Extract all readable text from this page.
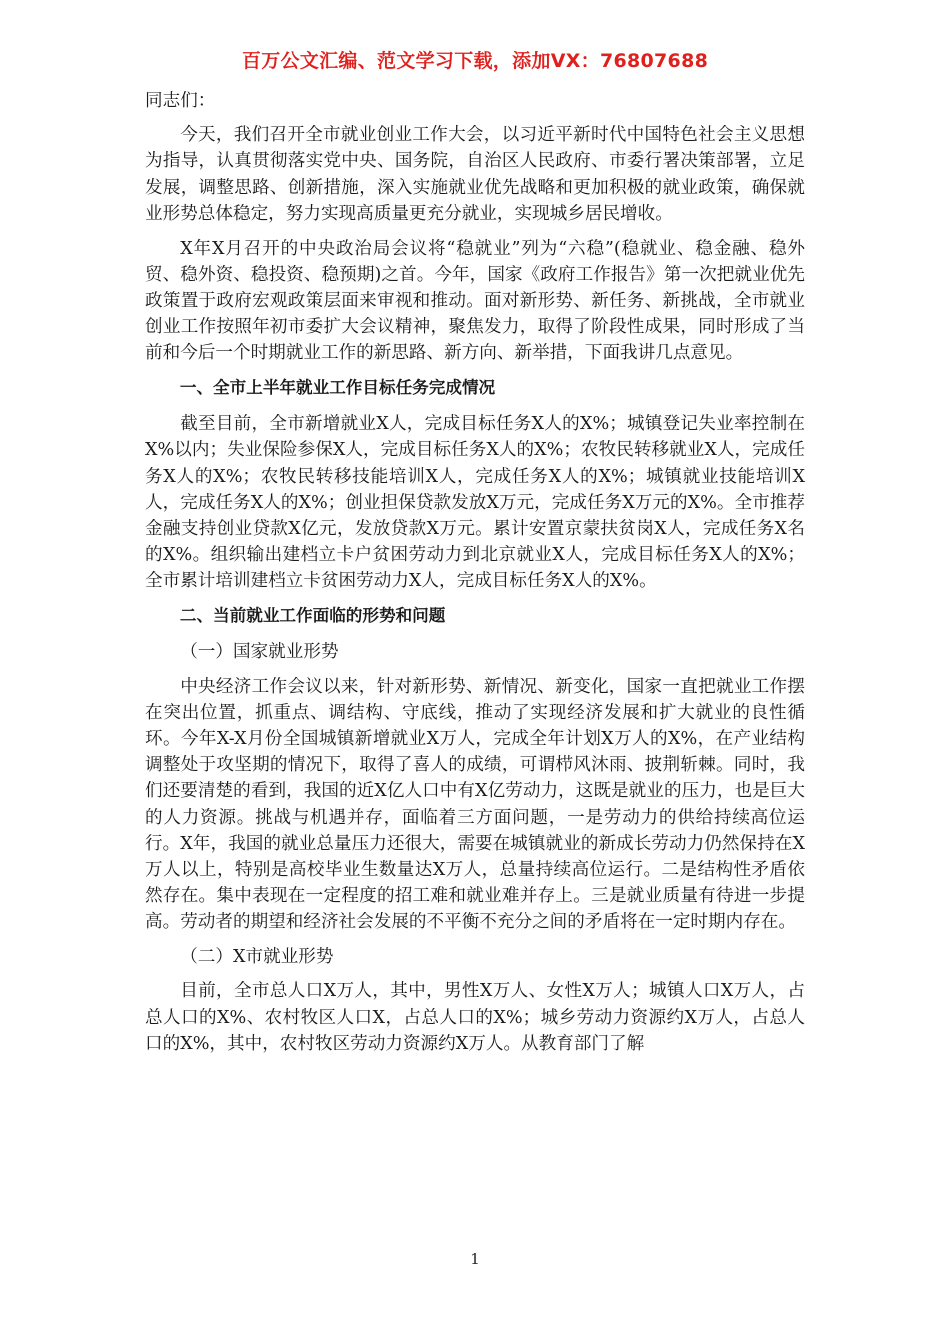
百万公文汇编、范文学习下载，添加VX：76807688

同志们：

今天，我们召开全市就业创业工作大会，以习近平新时代中国特色社会主义思想为指导，认真贯彻落实党中央、国务院，自治区人民政府、市委行署决策部署，立足发展，调整思路、创新措施，深入实施就业优先战略和更加积极的就业政策，确保就业形势总体稳定，努力实现高质量更充分就业，实现城乡居民增收。

X年X月召开的中央政治局会议将“稳就业”列为“六稳”(稳就业、稳金融、稳外贸、稳外资、稳投资、稳预期)之首。今年，国家《政府工作报告》第一次把就业优先政策置于政府宏观政策层面来审视和推动。面对新形势、新任务、新挑战，全市就业创业工作按照年初市委扩大会议精神，聚焦发力，取得了阶段性成果，同时形成了当前和今后一个时期就业工作的新思路、新方向、新举措，下面我讲几点意见。

一、全市上半年就业工作目标任务完成情况

截至目前，全市新增就业X人，完成目标任务X人的X%；城镇登记失业率控制在X%以内；失业保险参保X人，完成目标任务X人的X%；农牧民转移就业X人，完成任务X人的X%；农牧民转移技能培训X人，完成任务X人的X%；城镇就业技能培训X人，完成任务X人的X%；创业担保贷款发放X万元，完成任务X万元的X%。全市推荐金融支持创业贷款X亿元，发放贷款X万元。累计安置京蒙扶贫岗X人，完成任务X名的X%。组织输出建档立卡户贫困劳动力到北京就业X人，完成目标任务X人的X%；全市累计培训建档立卡贫困劳动力X人，完成目标任务X人的X%。

二、当前就业工作面临的形势和问题

（一）国家就业形势

中央经济工作会议以来，针对新形势、新情况、新变化，国家一直把就业工作摆在突出位置，抓重点、调结构、守底线，推动了实现经济发展和扩大就业的良性循环。今年X-X月份全国城镇新增就业X万人，完成全年计划X万人的X%，在产业结构调整处于攻坚期的情况下，取得了喜人的成绩，可谓栉风沐雨、披荆斩棘。同时，我们还要清楚的看到，我国的近X亿人口中有X亿劳动力，这既是就业的压力，也是巨大的人力资源。挑战与机遇并存，面临着三方面问题，一是劳动力的供给持续高位运行。X年，我国的就业总量压力还很大，需要在城镇就业的新成长劳动力仍然保持在X万人以上，特别是高校毕业生数量达X万人，总量持续高位运行。二是结构性矛盾依然存在。集中表现在一定程度的招工难和就业难并存上。三是就业质量有待进一步提高。劳动者的期望和经济社会发展的不平衡不充分之间的矛盾将在一定时期内存在。

（二）X市就业形势

目前，全市总人口X万人，其中，男性X万人、女性X万人；城镇人口X万人，占总人口的X%、农村牧区人口X，占总人口的X%；城乡劳动力资源约X万人，占总人口的X%，其中，农村牧区劳动力资源约X万人。从教育部门了解

1
